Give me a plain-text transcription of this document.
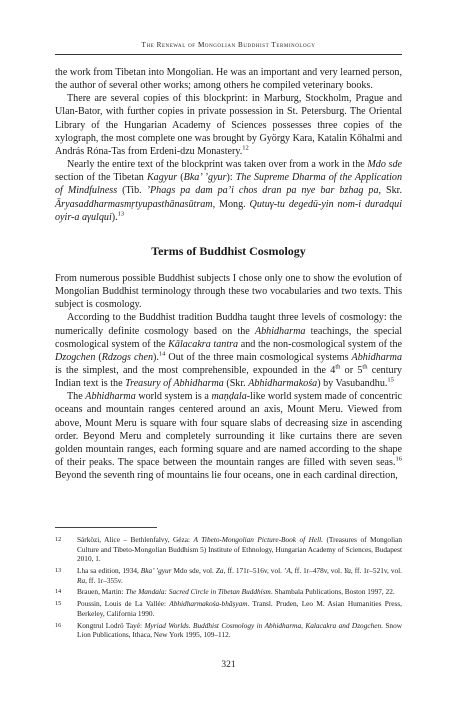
The Renewal of Mongolian Buddhist Terminology

the work from Tibetan into Mongolian. He was an important and very learned person, the author of several other works; among others he compiled veterinary books.

There are several copies of this blockprint: in Marburg, Stockholm, Prague and Ulan-Bator, with further copies in private possession in St. Petersburg. The Oriental Library of the Hungarian Academy of Sciences possesses three copies of the xylograph, the most complete one was brought by György Kara, Katalin Kőhalmi and András Róna-Tas from Erdeni-dzu Monastery.$^{12}$

Nearly the entire text of the blockprint was taken over from a work in the Mdo sde section of the Tibetan Kagyur (Bka’ ’gyur): The Supreme Dharma of the Application of Mindfulness (Tib. ’Phags pa dam pa’i chos dran pa nye bar bzhag pa, Skr. Āryasaddharmasmṛtyupasthānasūtram, Mong. Qutuγ-tu degedü-yin nom-i duradqui oyir-a aγulqui).$^{13}$

Terms of Buddhist Cosmology

From numerous possible Buddhist subjects I chose only one to show the evolution of Mongolian Buddhist terminology through these two vocabularies and two texts. This subject is cosmology.

According to the Buddhist tradition Buddha taught three levels of cosmology: the numerically definite cosmology based on the Abhidharma teachings, the special cosmological system of the Kālacakra tantra and the non-cosmological system of the Dzogchen (Rdzogs chen).$^{14}$ Out of the three main cosmological systems Abhidharma is the simplest, and the most comprehensible, expounded in the 4th or 5th century Indian text is the Treasury of Abhidharma (Skr. Abhidharmakośa) by Vasubandhu.$^{15}$

The Abhidharma world system is a maṇḍala-like world system made of concentric oceans and mountain ranges centered around an axis, Mount Meru. Viewed from above, Mount Meru is square with four square slabs of decreasing size in ascending order. Beyond Meru and completely surrounding it like curtains there are seven golden mountain ranges, each forming square and are named according to the shape of their peaks. The space between the mountain ranges are filled with seven seas.$^{16}$ Beyond the seventh ring of mountains lie four oceans, one in each cardinal direction,

12 Sárközi, Alice – Bethlenfalvy, Géza: A Tibeto-Mongolian Picture-Book of Hell. (Treasures of Mongolian Culture and Tibeto-Mongolian Buddhism 5) Institute of Ethnology, Hungarian Academy of Sciences, Budapest 2010, 1.
13 Lha sa edition, 1934, Bka’ ’gyur Mdo sde, vol. Za, ff. 171r–516v, vol. ’A, ff. 1r–478v, vol. Ya, ff. 1r–521v, vol. Ra, ff. 1r–355v.
14 Brauen, Martin: The Mandala: Sacred Circle in Tibetan Buddhism. Shambala Publications, Boston 1997, 22.
15 Poussin, Louis de La Vallée: Abhidharmakośa-bhāṣyam. Transl. Pruden, Leo M. Asian Humanities Press, Berkeley, California 1990.
16 Kongtrul Lodrö Tayé: Myriad Worlds. Buddhist Cosmology in Abhidharma, Kalacakra and Dzogchen. Snow Lion Publications, Ithaca, New York 1995, 109–112.
321
